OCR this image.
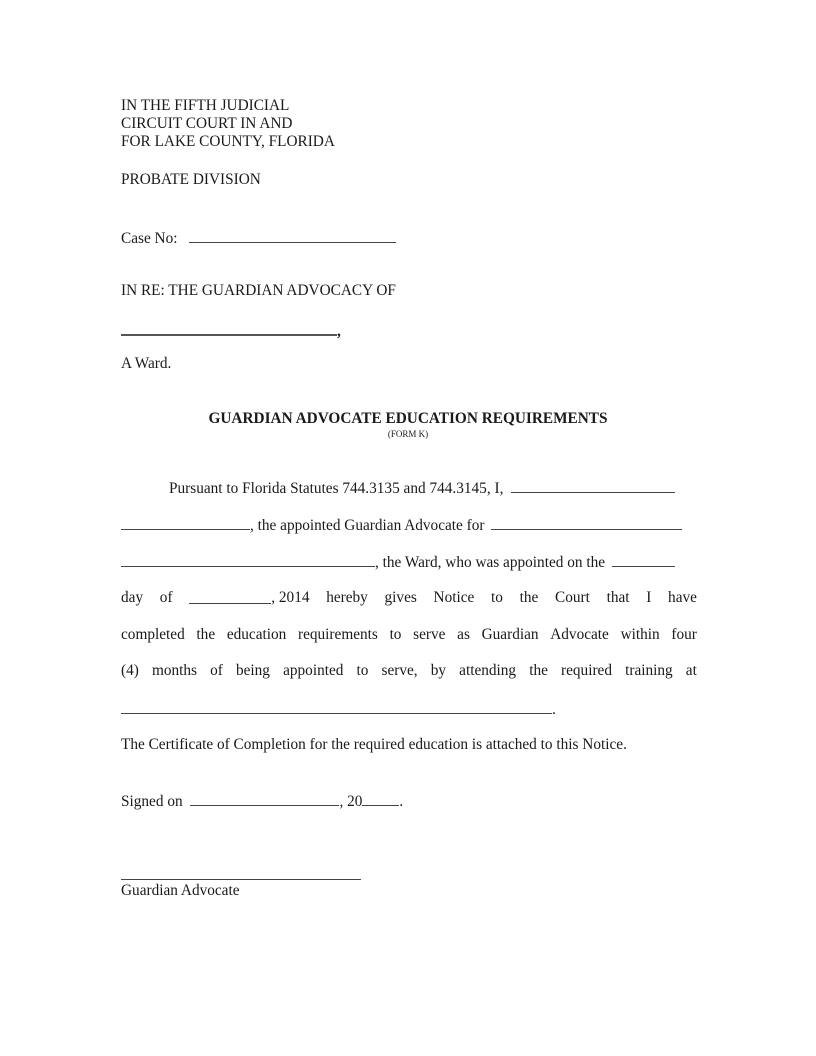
IN THE FIFTH JUDICIAL
CIRCUIT COURT IN AND
FOR LAKE COUNTY, FLORIDA
PROBATE DIVISION
Case No:
IN RE: THE GUARDIAN ADVOCACY OF
,
A Ward.
GUARDIAN ADVOCATE EDUCATION REQUIREMENTS
(FORM K)
Pursuant to Florida Statutes 744.3135 and 744.3145, I,
, the appointed Guardian Advocate for
, the Ward, who was appointed on the
day of	, 2014 hereby gives Notice to the Court that I have
completed the education requirements to serve as Guardian Advocate within four
(4) months of being appointed to serve, by attending the required training at
.
The Certificate of Completion for the required education is attached to this Notice.
Signed on	, 20 .
Guardian Advocate
